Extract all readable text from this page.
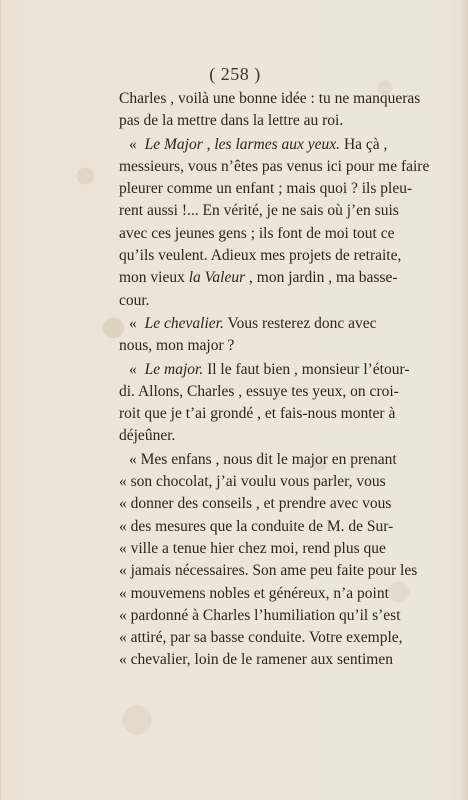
( 258 )
Charles , voilà une bonne idée : tu ne manqueras
pas de la mettre dans la lettre au roi.
« Le Major , les larmes aux yeux. Ha çà ,
messieurs, vous n’êtes pas venus ici pour me faire
pleurer comme un enfant ; mais quoi ? ils pleu-
rent aussi !... En vérité, je ne sais où j’en suis
avec ces jeunes gens ; ils font de moi tout ce
qu’ils veulent. Adieux mes projets de retraite,
mon vieux la Valeur , mon jardin , ma basse-
cour.
« Le chevalier. Vous resterez donc avec
nous, mon major ?
« Le major. Il le faut bien , monsieur l’étour-
di. Allons, Charles , essuye tes yeux, on croi-
roit que je t’ai grondé , et fais-nous monter à
déjeûner.
« Mes enfans , nous dit le major en prenant
« son chocolat, j’ai voulu vous parler, vous
« donner des conseils , et prendre avec vous
« des mesures que la conduite de M. de Sur-
« ville a tenue hier chez moi, rend plus que
« jamais nécessaires. Son ame peu faite pour les
« mouvemens nobles et généreux, n’a point
« pardonné à Charles l’humiliation qu’il s’est
« attiré, par sa basse conduite. Votre exemple,
« chevalier, loin de le ramener aux sentimen
